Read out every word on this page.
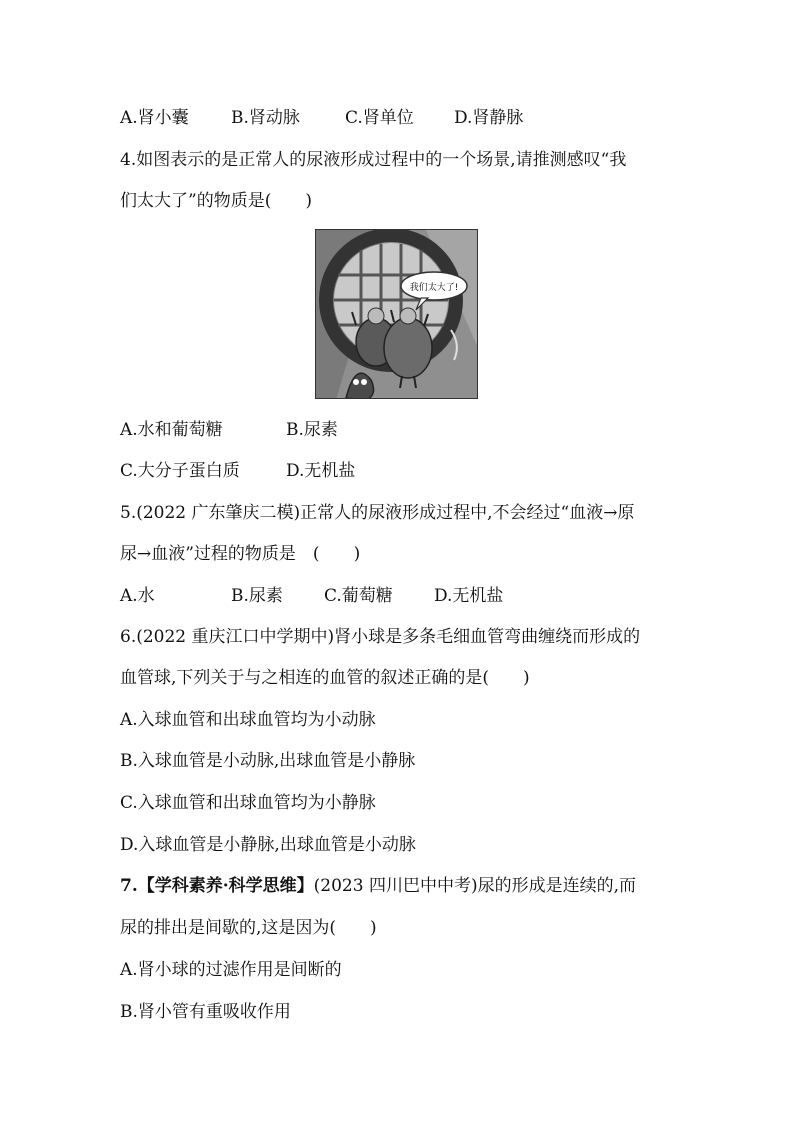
A.肾小囊 B.肾动脉	C.肾单位 D.肾静脉
4.如图表示的是正常人的尿液形成过程中的一个场景,请推测感叹“我
们太大了”的物质是(　　)
我们太大了!
A.水和葡萄糖	B.尿素
C.大分子蛋白质	D.无机盐
5.(2022 广东肇庆二模)正常人的尿液形成过程中,不会经过“血液→原
尿→血液”过程的物质是　(　　)
A.水	B.尿素 C.葡萄糖 D.无机盐
6.(2022 重庆江口中学期中)肾小球是多条毛细血管弯曲缠绕而形成的
血管球,下列关于与之相连的血管的叙述正确的是(　　)
A.入球血管和出球血管均为小动脉
B.入球血管是小动脉,出球血管是小静脉
C.入球血管和出球血管均为小静脉
D.入球血管是小静脉,出球血管是小动脉
7.【学科素养·科学思维】(2023 四川巴中中考)尿的形成是连续的,而
尿的排出是间歇的,这是因为(　　)
A.肾小球的过滤作用是间断的
B.肾小管有重吸收作用
